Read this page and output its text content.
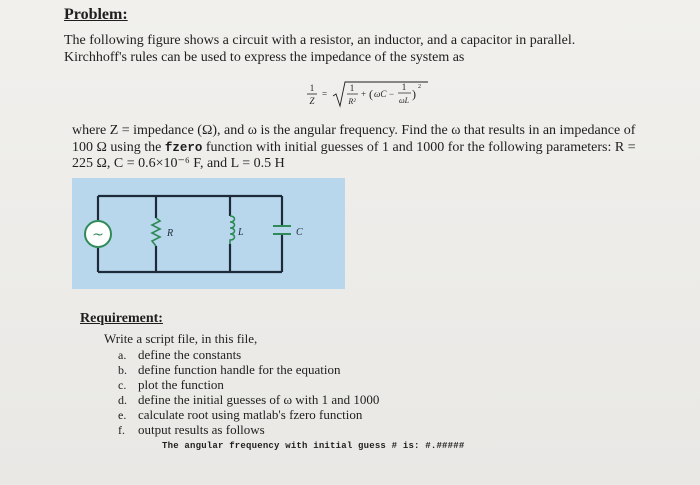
Problem:
The following figure shows a circuit with a resistor, an inductor, and a capacitor in parallel.
Kirchhoff's rules can be used to express the impedance of the system as
1
Z
=
1
R²
+ ( ωC −
1
ωL ) 2
where Z = impedance (Ω), and ω is the angular frequency. Find the ω that results in an impedance of
100 Ω using the fzero function with initial guesses of 1 and 1000 for the following parameters: R =
225 Ω, C = 0.6×10⁻⁶ F, and L = 0.5 H
~	R	L	C
Requirement:
Write a script file, in this file,
a. define the constants
b. define function handle for the equation
c. plot the function
d. define the initial guesses of ω with 1 and 1000
e. calculate root using matlab's fzero function
f. output results as follows
The angular frequency with initial guess # is: #.#####
